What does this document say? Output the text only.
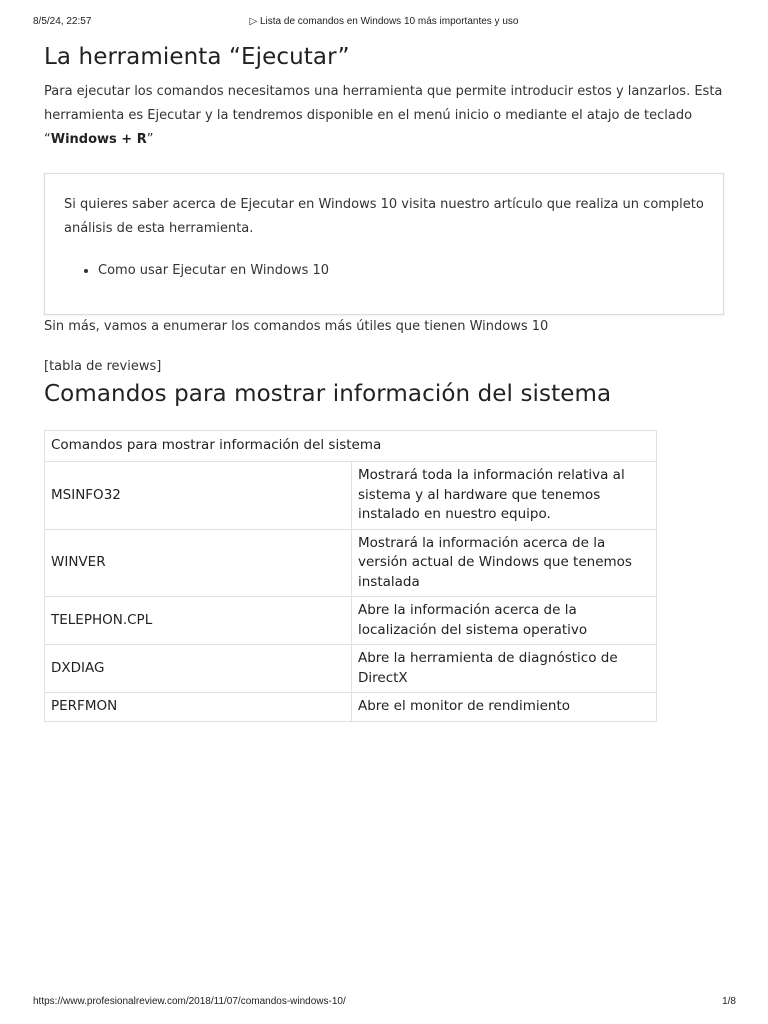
8/5/24, 22:57	▷ Lista de comandos en Windows 10 más importantes y uso
La herramienta “Ejecutar”

Para ejecutar los comandos necesitamos una herramienta que permite introducir estos y lanzarlos. Esta herramienta es Ejecutar y la tendremos disponible en el menú inicio o mediante el atajo de teclado “Windows + R”

Si quieres saber acerca de Ejecutar en Windows 10 visita nuestro artículo que realiza un completo análisis de esta herramienta.

• Como usar Ejecutar en Windows 10

Sin más, vamos a enumerar los comandos más útiles que tienen Windows 10

[tabla de reviews]
Comandos para mostrar información del sistema
Comandos para mostrar información del sistema	
MSINFO32	Mostrará toda la información relativa al sistema y al hardware que tenemos instalado en nuestro equipo.
WINVER	Mostrará la información acerca de la versión actual de Windows que tenemos instalada
TELEPHON.CPL	Abre la información acerca de la localización del sistema operativo
DXDIAG	Abre la herramienta de diagnóstico de DirectX
PERFMON	Abre el monitor de rendimiento
https://www.profesionalreview.com/2018/11/07/comandos-windows-10/	1/8
